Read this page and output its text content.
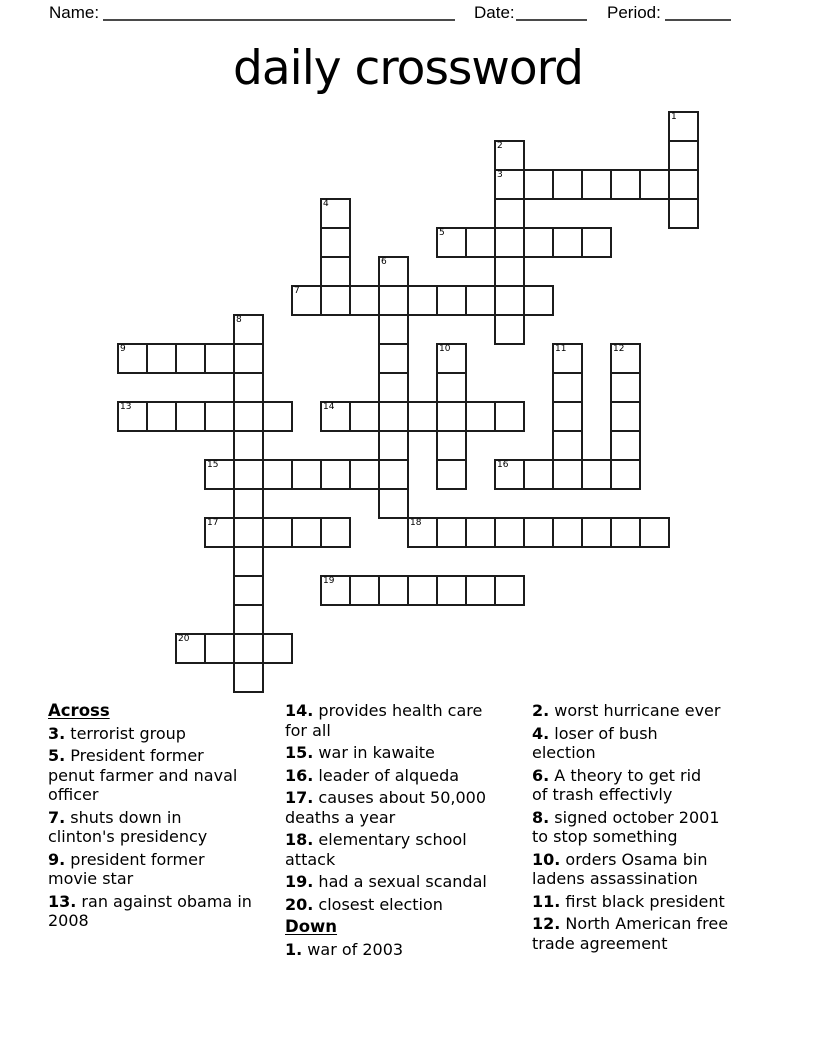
Name:	Date:	Period:
daily crossword
1
2
3
4
5
6
7
8
9	10	11	12
13	14
15	16
17	18
19
20

Across

3. terrorist group

5. President former
penut farmer and naval
officer

7. shuts down in
clinton's presidency

9. president former
movie star

13. ran against obama in
2008

14. provides health care
for all

15. war in kawaite

16. leader of alqueda

17. causes about 50,000
deaths a year

18. elementary school
attack

19. had a sexual scandal

20. closest election

Down

1. war of 2003

2. worst hurricane ever

4. loser of bush
election

6. A theory to get rid
of trash effectivly

8. signed october 2001
to stop something

10. orders Osama bin
ladens assassination

11. first black president

12. North American free
trade agreement
